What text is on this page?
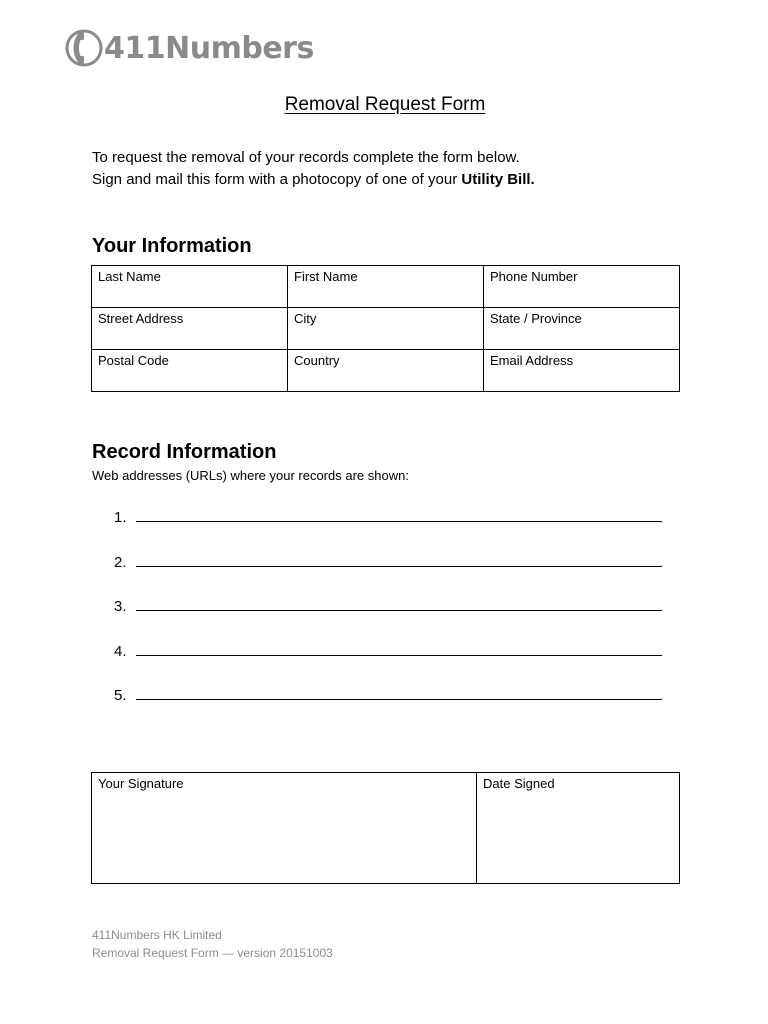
411Numbers
Removal Request Form
To request the removal of your records complete the form below.
Sign and mail this form with a photocopy of one of your Utility Bill.
Your Information
Last Name	First Name	Phone Number
Street Address	City	State / Province
Postal Code	Country	Email Address
Record Information
Web addresses (URLs) where your records are shown:
1.
2.
3.
4.
5.
Your Signature	Date Signed
411Numbers HK Limited
Removal Request Form — version 20151003
